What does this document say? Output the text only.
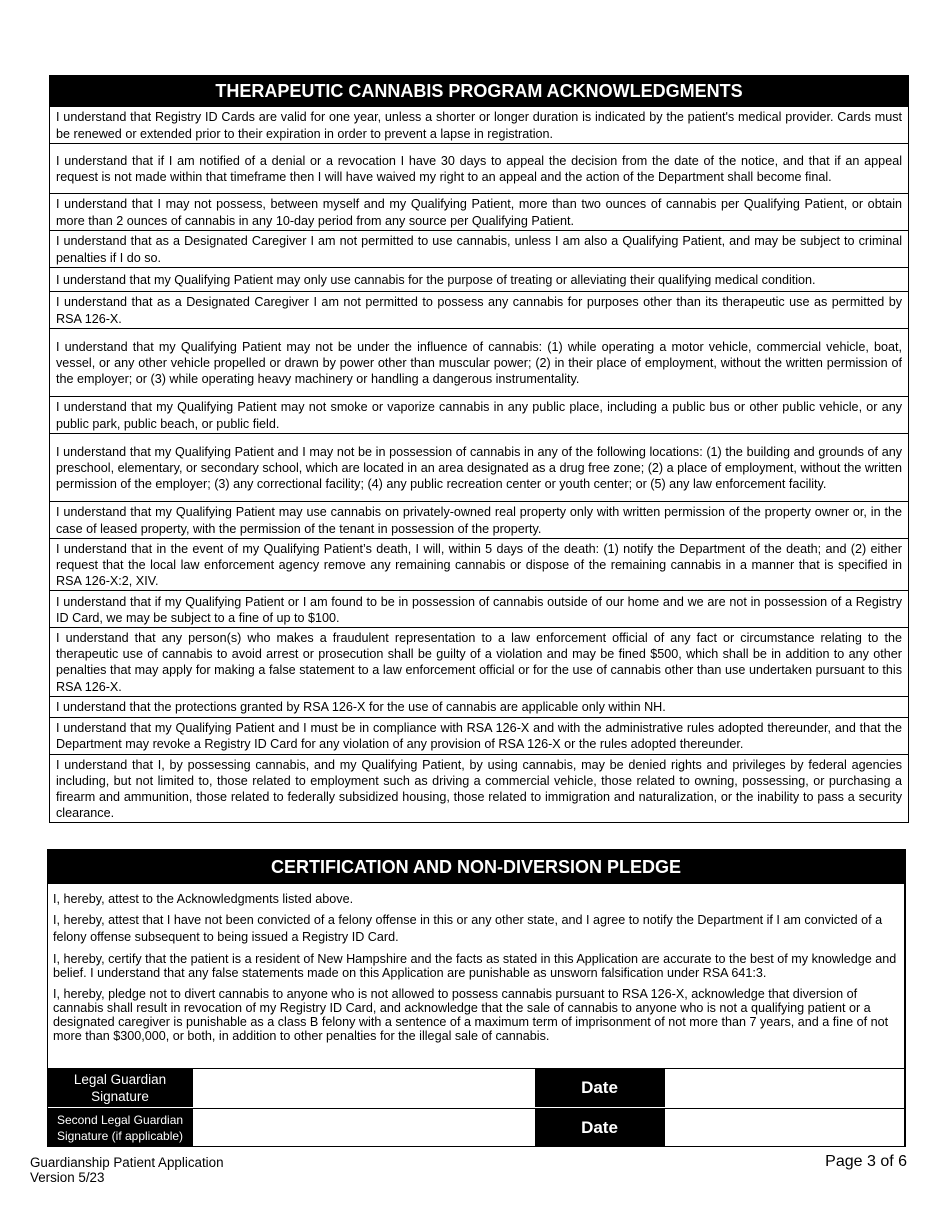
THERAPEUTIC CANNABIS PROGRAM ACKNOWLEDGMENTS
I understand that Registry ID Cards are valid for one year, unless a shorter or longer duration is indicated by the patient's medical provider. Cards must be renewed or extended prior to their expiration in order to prevent a lapse in registration.
I understand that if I am notified of a denial or a revocation I have 30 days to appeal the decision from the date of the notice, and that if an appeal request is not made within that timeframe then I will have waived my right to an appeal and the action of the Department shall become final.
I understand that I may not possess, between myself and my Qualifying Patient, more than two ounces of cannabis per Qualifying Patient, or obtain more than 2 ounces of cannabis in any 10-day period from any source per Qualifying Patient.
I understand that as a Designated Caregiver I am not permitted to use cannabis, unless I am also a Qualifying Patient, and may be subject to criminal penalties if I do so.
I understand that my Qualifying Patient may only use cannabis for the purpose of treating or alleviating their qualifying medical condition.
I understand that as a Designated Caregiver I am not permitted to possess any cannabis for purposes other than its therapeutic use as permitted by RSA 126-X.
I understand that my Qualifying Patient may not be under the influence of cannabis: (1) while operating a motor vehicle, commercial vehicle, boat, vessel, or any other vehicle propelled or drawn by power other than muscular power; (2) in their place of employment, without the written permission of the employer; or (3) while operating heavy machinery or handling a dangerous instrumentality.
I understand that my Qualifying Patient may not smoke or vaporize cannabis in any public place, including a public bus or other public vehicle, or any public park, public beach, or public field.
I understand that my Qualifying Patient and I may not be in possession of cannabis in any of the following locations: (1) the building and grounds of any preschool, elementary, or secondary school, which are located in an area designated as a drug free zone; (2) a place of employment, without the written permission of the employer; (3) any correctional facility; (4) any public recreation center or youth center; or (5) any law enforcement facility.
I understand that my Qualifying Patient may use cannabis on privately-owned real property only with written permission of the property owner or, in the case of leased property, with the permission of the tenant in possession of the property.
I understand that in the event of my Qualifying Patient’s death, I will, within 5 days of the death: (1) notify the Department of the death; and (2) either request that the local law enforcement agency remove any remaining cannabis or dispose of the remaining cannabis in a manner that is specified in RSA 126-X:2, XIV.
I understand that if my Qualifying Patient or I am found to be in possession of cannabis outside of our home and we are not in possession of a Registry ID Card, we may be subject to a fine of up to $100.
I understand that any person(s) who makes a fraudulent representation to a law enforcement official of any fact or circumstance relating to the therapeutic use of cannabis to avoid arrest or prosecution shall be guilty of a violation and may be fined $500, which shall be in addition to any other penalties that may apply for making a false statement to a law enforcement official or for the use of cannabis other than use undertaken pursuant to this RSA 126-X.
I understand that the protections granted by RSA 126-X for the use of cannabis are applicable only within NH.
I understand that my Qualifying Patient and I must be in compliance with RSA 126-X and with the administrative rules adopted thereunder, and that the Department may revoke a Registry ID Card for any violation of any provision of RSA 126-X or the rules adopted thereunder.
I understand that I, by possessing cannabis, and my Qualifying Patient, by using cannabis, may be denied rights and privileges by federal agencies including, but not limited to, those related to employment such as driving a commercial vehicle, those related to owning, possessing, or purchasing a firearm and ammunition, those related to federally subsidized housing, those related to immigration and naturalization, or the inability to pass a security clearance.
CERTIFICATION AND NON-DIVERSION PLEDGE

I, hereby, attest to the Acknowledgments listed above.

I, hereby, attest that I have not been convicted of a felony offense in this or any other state, and I agree to notify the Department if I am convicted of a felony offense subsequent to being issued a Registry ID Card.

I, hereby, certify that the patient is a resident of New Hampshire and the facts as stated in this Application are accurate to the best of my knowledge and belief. I understand that any false statements made on this Application are punishable as unsworn falsification under RSA 641:3.

I, hereby, pledge not to divert cannabis to anyone who is not allowed to possess cannabis pursuant to RSA 126-X, acknowledge that diversion of cannabis shall result in revocation of my Registry ID Card, and acknowledge that the sale of cannabis to anyone who is not a qualifying patient or a designated caregiver is punishable as a class B felony with a sentence of a maximum term of imprisonment of not more than 7 years, and a fine of not more than $300,000, or both, in addition to other penalties for the illegal sale of cannabis.

Legal Guardian
Signature	Date
Second Legal Guardian
Signature (if applicable)	Date
Guardianship Patient Application
Version 5/23
Page 3 of 6
